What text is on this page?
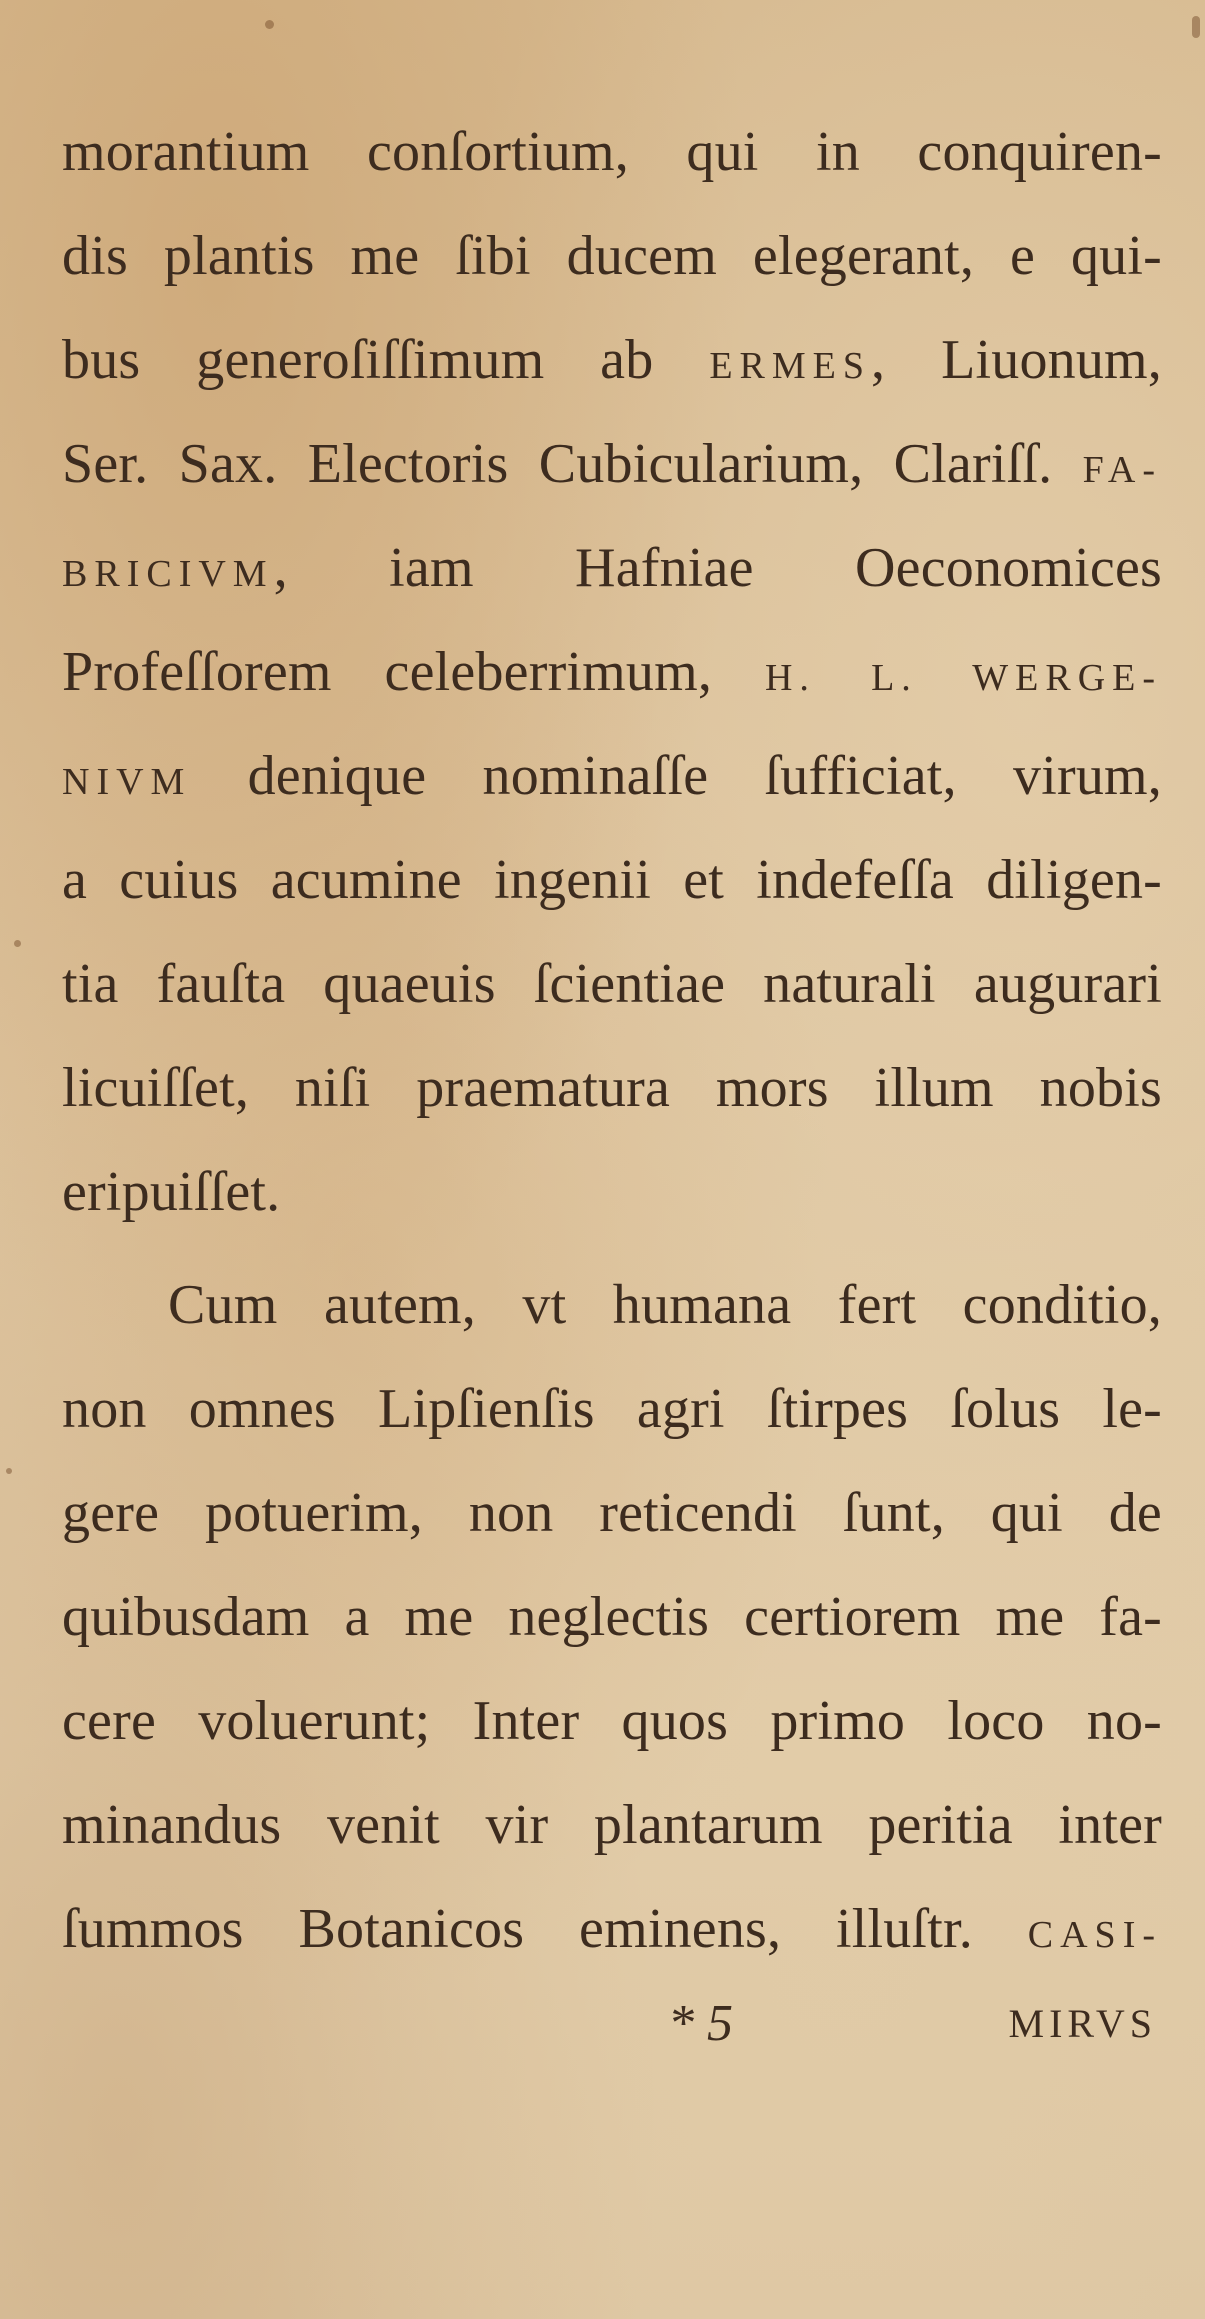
morantium conſortium, qui in conquiren-
dis plantis me ſibi ducem elegerant, e qui-
bus generoſiſſimum ab ERMES, Liuonum,
Ser. Sax. Electoris Cubicularium, Clariſſ. FA-
BRICIVM, iam Hafniae Oeconomices
Profeſſorem celeberrimum, H. L. WERGE-
NIVM denique nominaſſe ſufficiat, virum,
a cuius acumine ingenii et indefeſſa diligen-
tia fauſta quaeuis ſcientiae naturali augurari
licuiſſet, niſi praematura mors illum nobis
eripuiſſet.
Cum autem, vt humana fert conditio,
non omnes Lipſienſis agri ſtirpes ſolus le-
gere potuerim, non reticendi ſunt, qui de
quibusdam a me neglectis certiorem me fa-
cere voluerunt; Inter quos primo loco no-
minandus venit vir plantarum peritia inter
ſummos Botanicos eminens, illuſtr. CASI-
* 5	MIRVS
